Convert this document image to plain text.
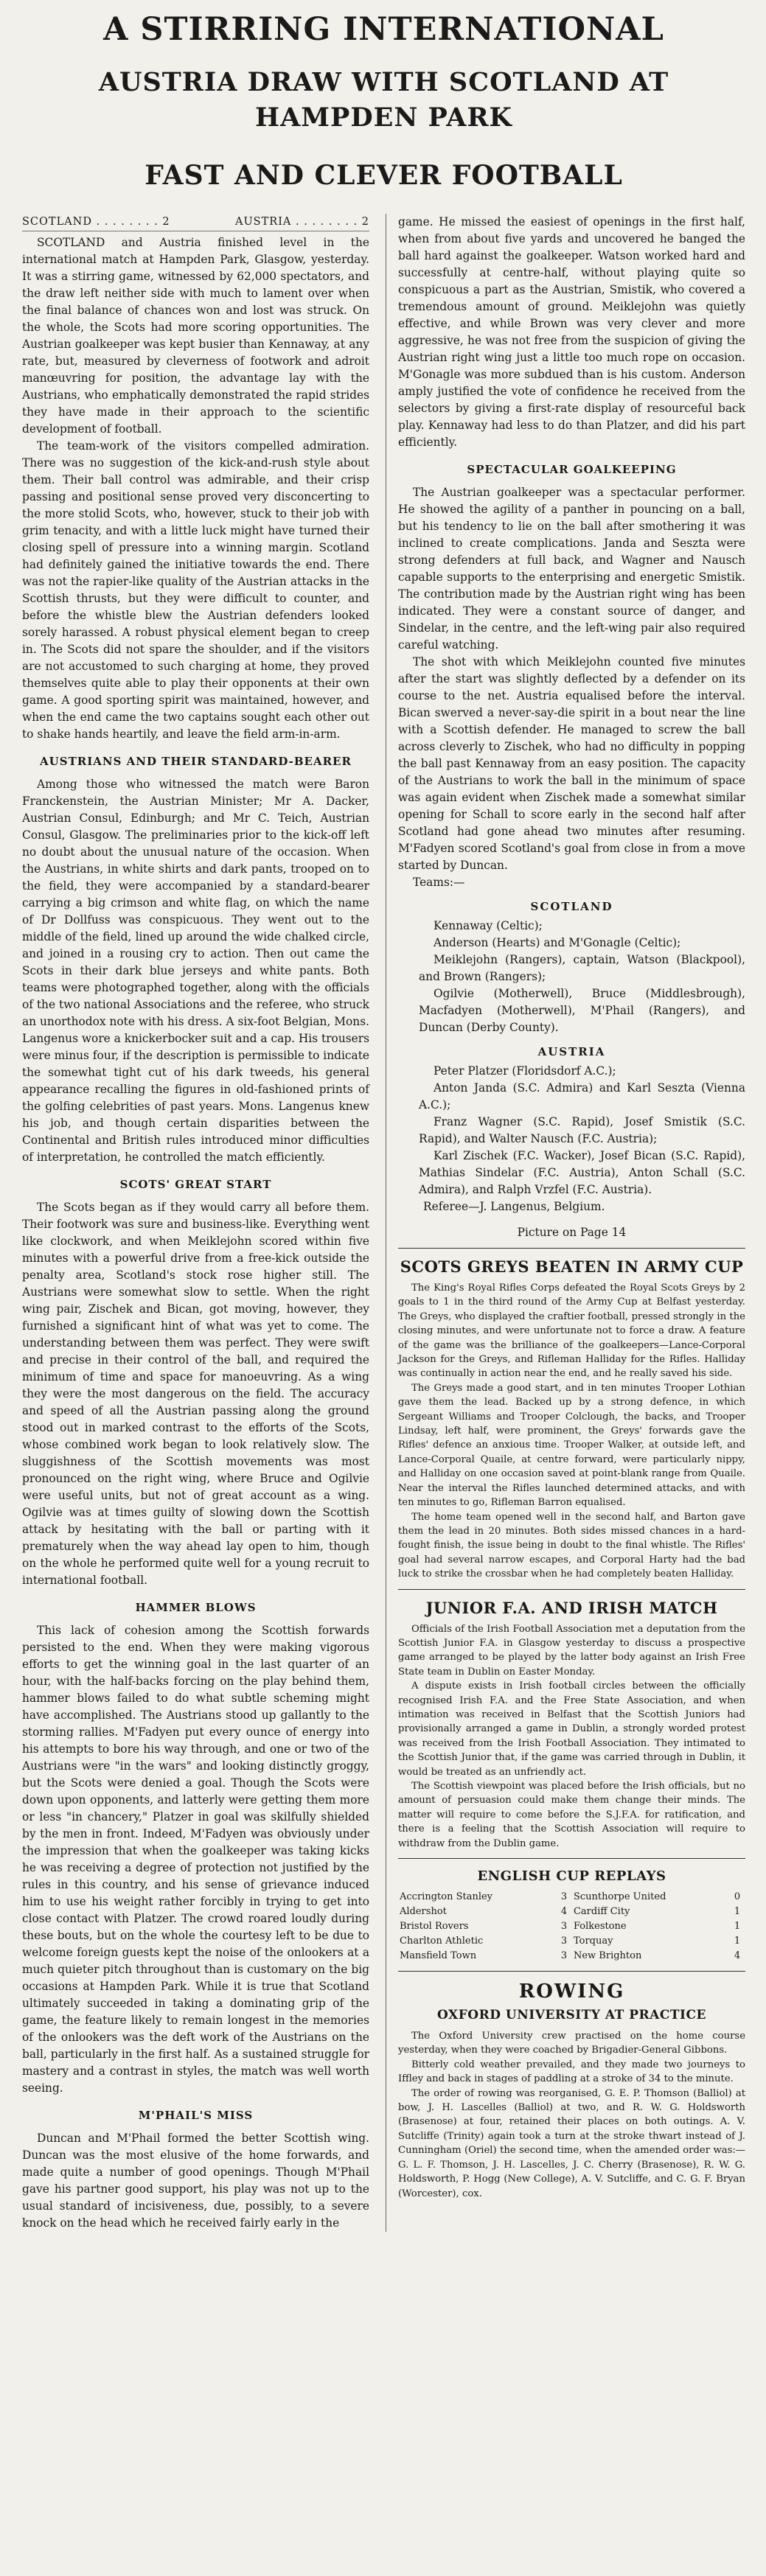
A STIRRING INTERNATIONAL
AUSTRIA DRAW WITH SCOTLAND AT HAMPDEN PARK
FAST AND CLEVER FOOTBALL
SCOTLAND . . . . . . . . 2	AUSTRIA . . . . . . . . 2

SCOTLAND and Austria finished level in the international match at Hampden Park, Glasgow, yesterday. It was a stirring game, witnessed by 62,000 spectators, and the draw left neither side with much to lament over when the final balance of chances won and lost was struck. On the whole, the Scots had more scoring opportunities. The Austrian goalkeeper was kept busier than Kennaway, at any rate, but, measured by cleverness of footwork and adroit manœuvring for position, the advantage lay with the Austrians, who emphatically demonstrated the rapid strides they have made in their approach to the scientific development of football.

The team-work of the visitors compelled admiration. There was no suggestion of the kick-and-rush style about them. Their ball control was admirable, and their crisp passing and positional sense proved very disconcerting to the more stolid Scots, who, however, stuck to their job with grim tenacity, and with a little luck might have turned their closing spell of pressure into a winning margin. Scotland had definitely gained the initiative towards the end. There was not the rapier-like quality of the Austrian attacks in the Scottish thrusts, but they were difficult to counter, and before the whistle blew the Austrian defenders looked sorely harassed. A robust physical element began to creep in. The Scots did not spare the shoulder, and if the visitors are not accustomed to such charging at home, they proved themselves quite able to play their opponents at their own game. A good sporting spirit was maintained, however, and when the end came the two captains sought each other out to shake hands heartily, and leave the field arm-in-arm.

AUSTRIANS AND THEIR STANDARD-BEARER

Among those who witnessed the match were Baron Franckenstein, the Austrian Minister; Mr A. Dacker, Austrian Consul, Edinburgh; and Mr C. Teich, Austrian Consul, Glasgow. The preliminaries prior to the kick-off left no doubt about the unusual nature of the occasion. When the Austrians, in white shirts and dark pants, trooped on to the field, they were accompanied by a standard-bearer carrying a big crimson and white flag, on which the name of Dr Dollfuss was conspicuous. They went out to the middle of the field, lined up around the wide chalked circle, and joined in a rousing cry to action. Then out came the Scots in their dark blue jerseys and white pants. Both teams were photographed together, along with the officials of the two national Associations and the referee, who struck an unorthodox note with his dress. A six-foot Belgian, Mons. Langenus wore a knickerbocker suit and a cap. His trousers were minus four, if the description is permissible to indicate the somewhat tight cut of his dark tweeds, his general appearance recalling the figures in old-fashioned prints of the golfing celebrities of past years. Mons. Langenus knew his job, and though certain disparities between the Continental and British rules introduced minor difficulties of interpretation, he controlled the match efficiently.

SCOTS' GREAT START

The Scots began as if they would carry all before them. Their footwork was sure and business-like. Everything went like clockwork, and when Meiklejohn scored within five minutes with a powerful drive from a free-kick outside the penalty area, Scotland's stock rose higher still. The Austrians were somewhat slow to settle. When the right wing pair, Zischek and Bican, got moving, however, they furnished a significant hint of what was yet to come. The understanding between them was perfect. They were swift and precise in their control of the ball, and required the minimum of time and space for manoeuvring. As a wing they were the most dangerous on the field. The accuracy and speed of all the Austrian passing along the ground stood out in marked contrast to the efforts of the Scots, whose combined work began to look relatively slow. The sluggishness of the Scottish movements was most pronounced on the right wing, where Bruce and Ogilvie were useful units, but not of great account as a wing. Ogilvie was at times guilty of slowing down the Scottish attack by hesitating with the ball or parting with it prematurely when the way ahead lay open to him, though on the whole he performed quite well for a young recruit to international football.

HAMMER BLOWS

This lack of cohesion among the Scottish forwards persisted to the end. When they were making vigorous efforts to get the winning goal in the last quarter of an hour, with the half-backs forcing on the play behind them, hammer blows failed to do what subtle scheming might have accomplished. The Austrians stood up gallantly to the storming rallies. M'Fadyen put every ounce of energy into his attempts to bore his way through, and one or two of the Austrians were "in the wars" and looking distinctly groggy, but the Scots were denied a goal. Though the Scots were down upon opponents, and latterly were getting them more or less "in chancery," Platzer in goal was skilfully shielded by the men in front. Indeed, M'Fadyen was obviously under the impression that when the goalkeeper was taking kicks he was receiving a degree of protection not justified by the rules in this country, and his sense of grievance induced him to use his weight rather forcibly in trying to get into close contact with Platzer. The crowd roared loudly during these bouts, but on the whole the courtesy left to be due to welcome foreign guests kept the noise of the onlookers at a much quieter pitch throughout than is customary on the big occasions at Hampden Park. While it is true that Scotland ultimately succeeded in taking a dominating grip of the game, the feature likely to remain longest in the memories of the onlookers was the deft work of the Austrians on the ball, particularly in the first half. As a sustained struggle for mastery and a contrast in styles, the match was well worth seeing.

M'PHAIL'S MISS

Duncan and M'Phail formed the better Scottish wing. Duncan was the most elusive of the home forwards, and made quite a number of good openings. Though M'Phail gave his partner good support, his play was not up to the usual standard of incisiveness, due, possibly, to a severe knock on the head which he received fairly early in the

game. He missed the easiest of openings in the first half, when from about five yards and uncovered he banged the ball hard against the goalkeeper. Watson worked hard and successfully at centre-half, without playing quite so conspicuous a part as the Austrian, Smistik, who covered a tremendous amount of ground. Meiklejohn was quietly effective, and while Brown was very clever and more aggressive, he was not free from the suspicion of giving the Austrian right wing just a little too much rope on occasion. M'Gonagle was more subdued than is his custom. Anderson amply justified the vote of confidence he received from the selectors by giving a first-rate display of resourceful back play. Kennaway had less to do than Platzer, and did his part efficiently.

SPECTACULAR GOALKEEPING

The Austrian goalkeeper was a spectacular performer. He showed the agility of a panther in pouncing on a ball, but his tendency to lie on the ball after smothering it was inclined to create complications. Janda and Seszta were strong defenders at full back, and Wagner and Nausch capable supports to the enterprising and energetic Smistik. The contribution made by the Austrian right wing has been indicated. They were a constant source of danger, and Sindelar, in the centre, and the left-wing pair also required careful watching.

The shot with which Meiklejohn counted five minutes after the start was slightly deflected by a defender on its course to the net. Austria equalised before the interval. Bican swerved a never-say-die spirit in a bout near the line with a Scottish defender. He managed to screw the ball across cleverly to Zischek, who had no difficulty in popping the ball past Kennaway from an easy position. The capacity of the Austrians to work the ball in the minimum of space was again evident when Zischek made a somewhat similar opening for Schall to score early in the second half after Scotland had gone ahead two minutes after resuming. M'Fadyen scored Scotland's goal from close in from a move started by Duncan.

Teams:—

SCOTLAND

Kennaway (Celtic);

Anderson (Hearts) and M'Gonagle (Celtic);

Meiklejohn (Rangers), captain, Watson (Blackpool), and Brown (Rangers);

Ogilvie (Motherwell), Bruce (Middlesbrough), Macfadyen (Motherwell), M'Phail (Rangers), and Duncan (Derby County).

AUSTRIA

Peter Platzer (Floridsdorf A.C.);

Anton Janda (S.C. Admira) and Karl Seszta (Vienna A.C.);

Franz Wagner (S.C. Rapid), Josef Smistik (S.C. Rapid), and Walter Nausch (F.C. Austria);

Karl Zischek (F.C. Wacker), Josef Bican (S.C. Rapid), Mathias Sindelar (F.C. Austria), Anton Schall (S.C. Admira), and Ralph Vrzfel (F.C. Austria).

Referee—J. Langenus, Belgium.

Picture on Page 14
SCOTS GREYS BEATEN IN ARMY CUP

The King's Royal Rifles Corps defeated the Royal Scots Greys by 2 goals to 1 in the third round of the Army Cup at Belfast yesterday. The Greys, who displayed the craftier football, pressed strongly in the closing minutes, and were unfortunate not to force a draw. A feature of the game was the brilliance of the goalkeepers—Lance-Corporal Jackson for the Greys, and Rifleman Halliday for the Rifles. Halliday was continually in action near the end, and he really saved his side.

The Greys made a good start, and in ten minutes Trooper Lothian gave them the lead. Backed up by a strong defence, in which Sergeant Williams and Trooper Colclough, the backs, and Trooper Lindsay, left half, were prominent, the Greys' forwards gave the Rifles' defence an anxious time. Trooper Walker, at outside left, and Lance-Corporal Quaile, at centre forward, were particularly nippy, and Halliday on one occasion saved at point-blank range from Quaile. Near the interval the Rifles launched determined attacks, and with ten minutes to go, Rifleman Barron equalised.

The home team opened well in the second half, and Barton gave them the lead in 20 minutes. Both sides missed chances in a hard-fought finish, the issue being in doubt to the final whistle. The Rifles' goal had several narrow escapes, and Corporal Harty had the bad luck to strike the crossbar when he had completely beaten Halliday.

JUNIOR F.A. AND IRISH MATCH

Officials of the Irish Football Association met a deputation from the Scottish Junior F.A. in Glasgow yesterday to discuss a prospective game arranged to be played by the latter body against an Irish Free State team in Dublin on Easter Monday.

A dispute exists in Irish football circles between the officially recognised Irish F.A. and the Free State Association, and when intimation was received in Belfast that the Scottish Juniors had provisionally arranged a game in Dublin, a strongly worded protest was received from the Irish Football Association. They intimated to the Scottish Junior that, if the game was carried through in Dublin, it would be treated as an unfriendly act.

The Scottish viewpoint was placed before the Irish officials, but no amount of persuasion could make them change their minds. The matter will require to come before the S.J.F.A. for ratification, and there is a feeling that the Scottish Association will require to withdraw from the Dublin game.

ENGLISH CUP REPLAYS
Accrington Stanley	3	Scunthorpe United	0
Aldershot	4	Cardiff City	1
Bristol Rovers	3	Folkestone	1
Charlton Athletic	3	Torquay	1
Mansfield Town	3	New Brighton	4
ROWING
OXFORD UNIVERSITY AT PRACTICE

The Oxford University crew practised on the home course yesterday, when they were coached by Brigadier-General Gibbons.

Bitterly cold weather prevailed, and they made two journeys to Iffley and back in stages of paddling at a stroke of 34 to the minute.

The order of rowing was reorganised, G. E. P. Thomson (Balliol) at bow, J. H. Lascelles (Balliol) at two, and R. W. G. Holdsworth (Brasenose) at four, retained their places on both outings. A. V. Sutcliffe (Trinity) again took a turn at the stroke thwart instead of J. Cunningham (Oriel) the second time, when the amended order was:— G. L. F. Thomson, J. H. Lascelles, J. C. Cherry (Brasenose), R. W. G. Holdsworth, P. Hogg (New College), A. V. Sutcliffe, and C. G. F. Bryan (Worcester), cox.
